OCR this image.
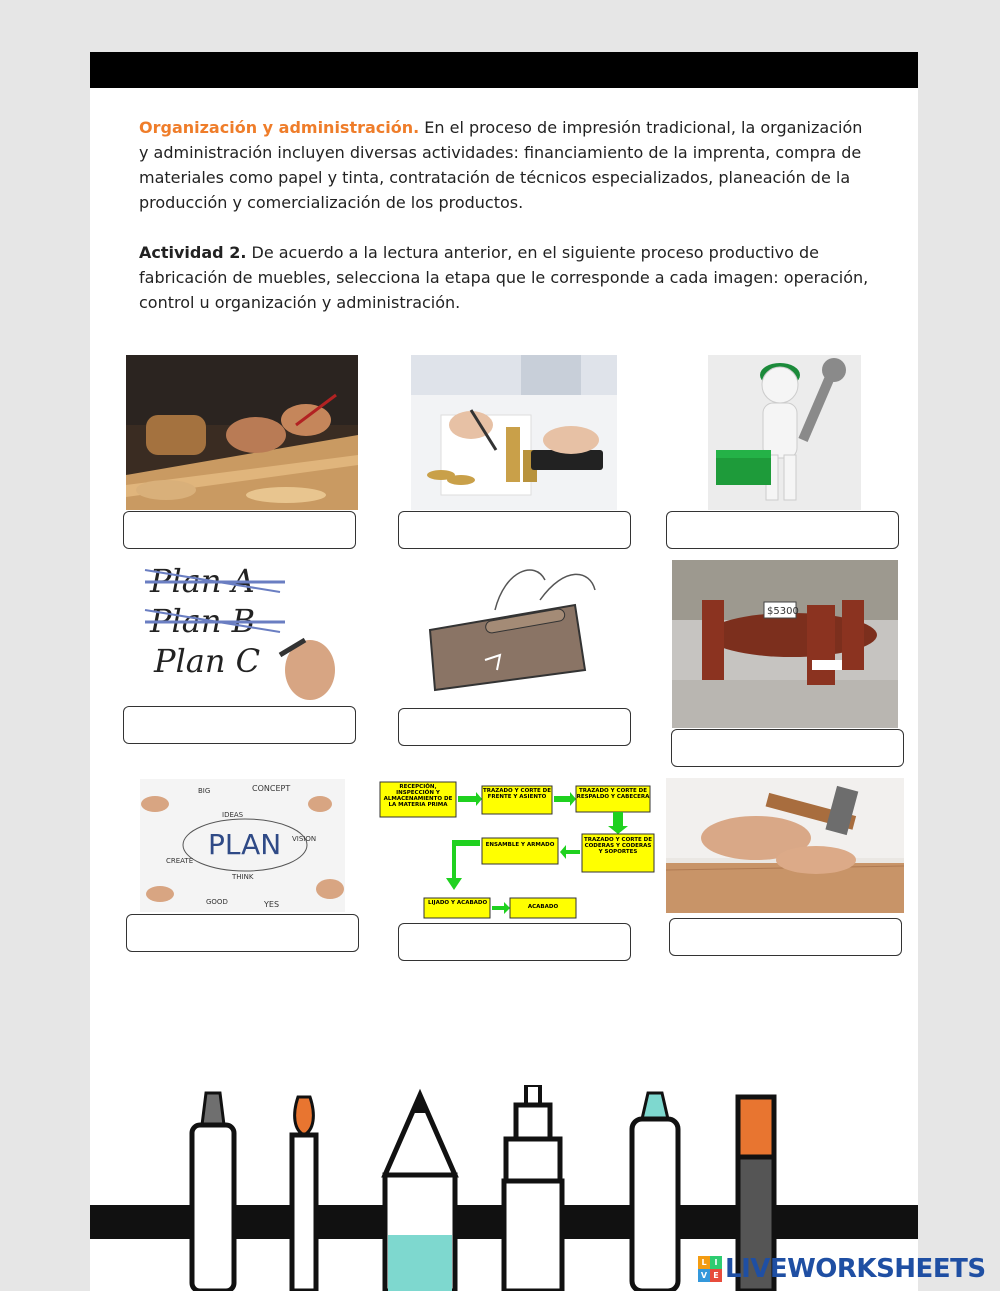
Organización y administración. En el proceso de impresión tradicional, la organización y administración incluyen diversas actividades: financiamiento de la imprenta, compra de materiales como papel y tinta, contratación de técnicos especializados, planeación de la producción y comercialización de los productos.
Actividad 2. De acuerdo a la lectura anterior, en el siguiente proceso productivo de fabricación de muebles, selecciona la etapa que le corresponde a cada imagen: operación, control u organización y administración.
Plan A
Plan B
Plan C
$5300
PLAN
CONCEPT
IDEAS
VISION
THINK
GOOD
CREATE
YES
BIG	RECEPCIÓN, INSPECCIÓN Y ALMACENAMIENTO DE LA MATERIA PRIMA
TRAZADO Y CORTE DE FRENTE Y ASIENTO
TRAZADO Y CORTE DE RESPALDO Y CABECERA
TRAZADO Y CORTE DE CODERAS Y CODERAS Y SOPORTES
ENSAMBLE Y ARMADO
LIJADO Y ACABADO
ACABADO
L I
V E LIVEWORKSHEETS
